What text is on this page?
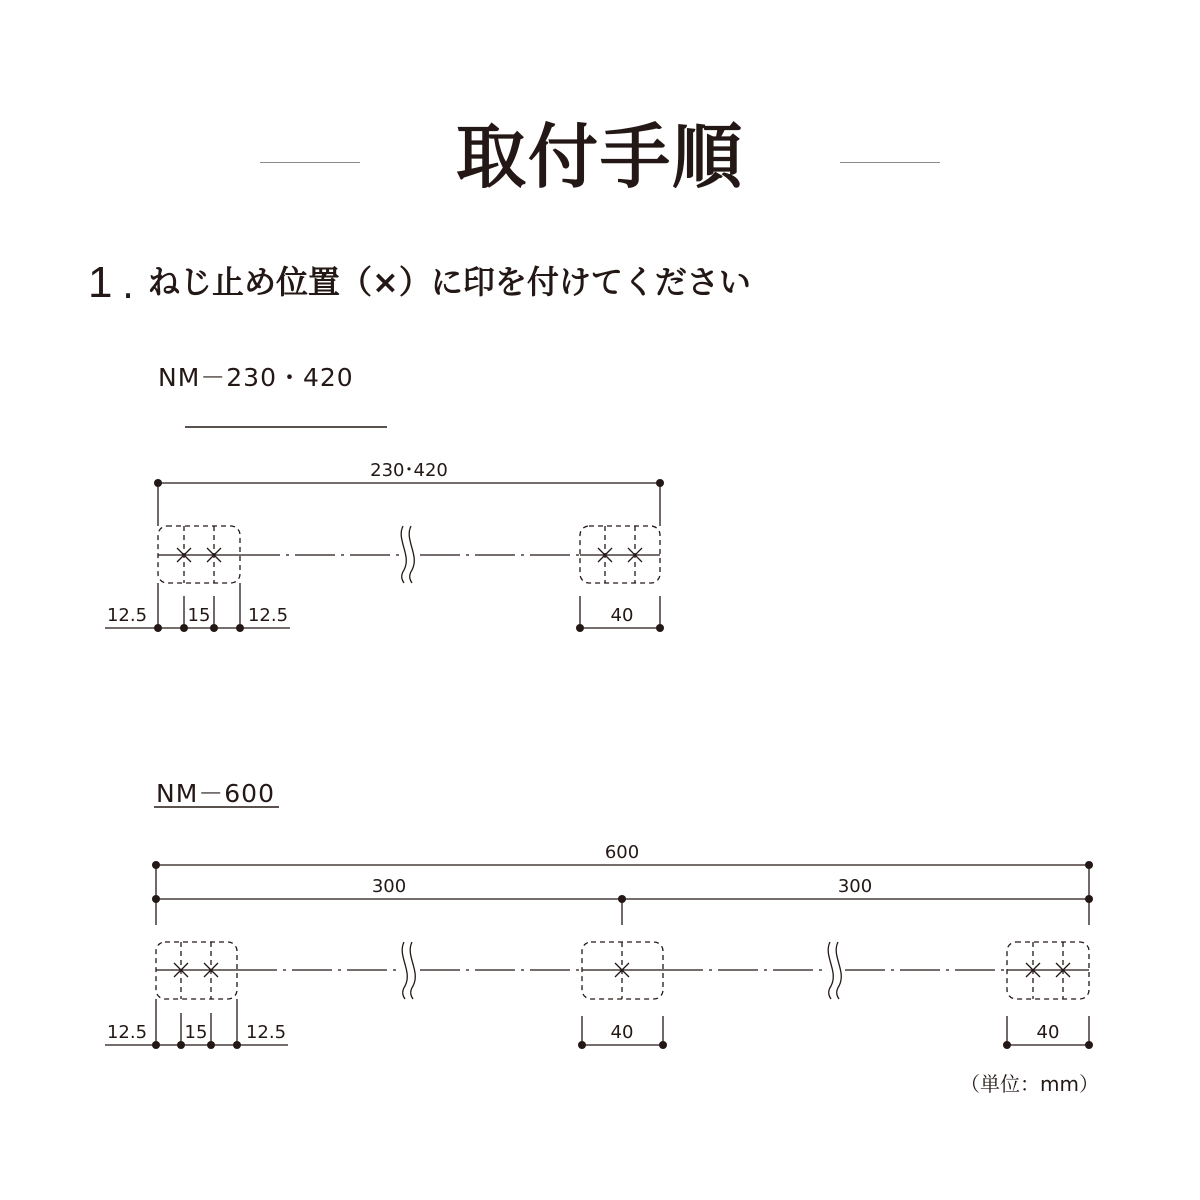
取付手順
1 . ねじ止め位置（×）に印を付けてください
NM－230・420
NM－600
（単位：mm）
230･420
12.5 15 12.5	40
600
300	300
12.5 15 12.5	40	40
